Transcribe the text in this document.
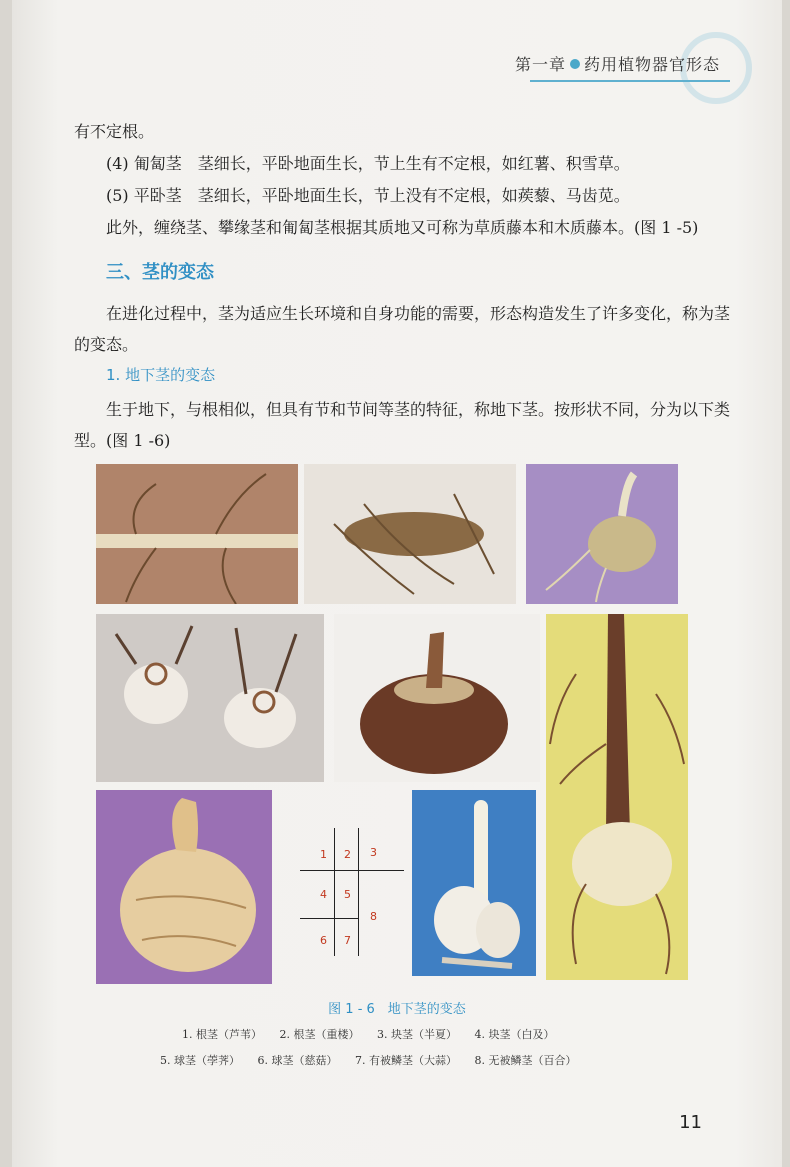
第一章 药用植物器官形态

有不定根。

(4) 匍匐茎　茎细长，平卧地面生长，节上生有不定根，如红薯、积雪草。

(5) 平卧茎　茎细长，平卧地面生长，节上没有不定根，如蒺藜、马齿苋。

此外，缠绕茎、攀缘茎和匍匐茎根据其质地又可称为草质藤本和木质藤本。(图 1 -5)

三、茎的变态

在进化过程中，茎为适应生长环境和自身功能的需要，形态构造发生了许多变化，称为茎的变态。

1. 地下茎的变态

生于地下，与根相似，但具有节和节间等茎的特征，称地下茎。按形状不同，分为以下类型。(图 1 -6)

1 2 3
4 5
8
6 7
图 1 - 6　地下茎的变态
1. 根茎（芦苇） 2. 根茎（重楼） 3. 块茎（半夏） 4. 块茎（白及）
5. 球茎（荸荠） 6. 球茎（慈菇） 7. 有被鳞茎（大蒜） 8. 无被鳞茎（百合）
11
